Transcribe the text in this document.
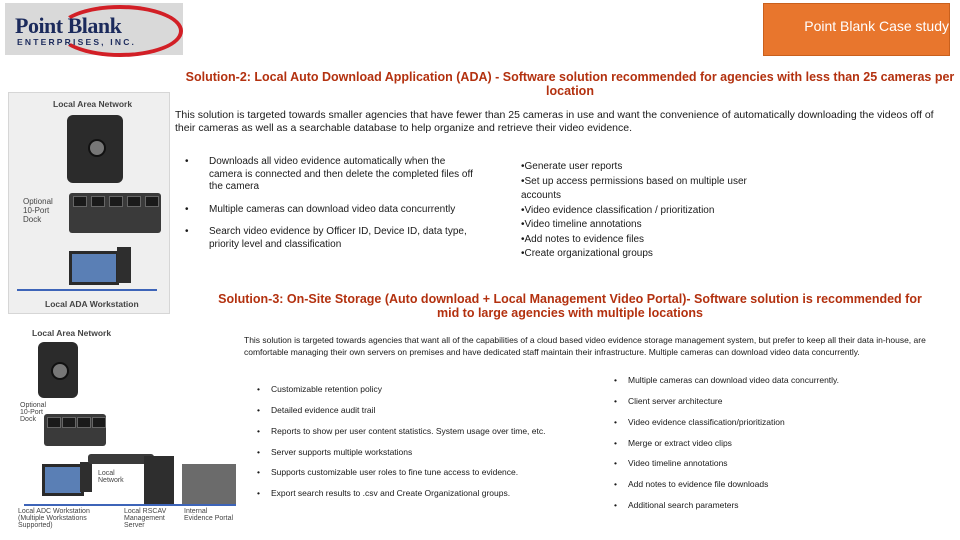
Point Blank
ENTERPRISES, INC.
Point Blank Case study
Solution-2: Local Auto Download Application (ADA) - Software solution recommended for agencies with less than 25 cameras per location
Local Area Network
Optional 10-Port Dock
Local ADA Workstation
This solution is targeted towards smaller agencies that have fewer than 25 cameras in use and want the convenience of automatically downloading the videos off of their cameras as well as a searchable database to help organize and retrieve their video evidence.
•	Downloads all video evidence automatically when the camera is connected and then delete the completed files off the camera
•	Multiple cameras can download video data concurrently
•	Search video evidence by Officer ID, Device ID, data type, priority level and classification
•Generate user reports
•Set up access permissions based on multiple user accounts
•Video evidence classification / prioritization
•Video timeline annotations
•Add notes to evidence files
•Create organizational groups
Solution-3: On-Site Storage (Auto download + Local Management Video Portal)- Software solution is recommended for mid to large agencies with multiple locations
Local Area Network
Optional 10-Port Dock
Local Network
Local ADC Workstation (Multiple Workstations Supported)
Local RSCAV Management Server
Internal Evidence Portal
This solution is targeted towards agencies that want all of the capabilities of a cloud based video evidence storage management system, but prefer to keep all their data in-house, are comfortable managing their own servers on premises and have dedicated staff maintain their infrastructure. Multiple cameras can download video data concurrently.
• Customizable retention policy
• Detailed evidence audit trail
• Reports to show per user content statistics. System usage over time, etc.
• Server supports multiple workstations
• Supports customizable user roles to fine tune access to evidence.
• Export search results to .csv and Create Organizational groups.
• Multiple cameras can download video data concurrently.
• Client server architecture
• Video evidence classification/prioritization
• Merge or extract video clips
• Video timeline annotations
• Add notes to evidence file downloads
• Additional search parameters
